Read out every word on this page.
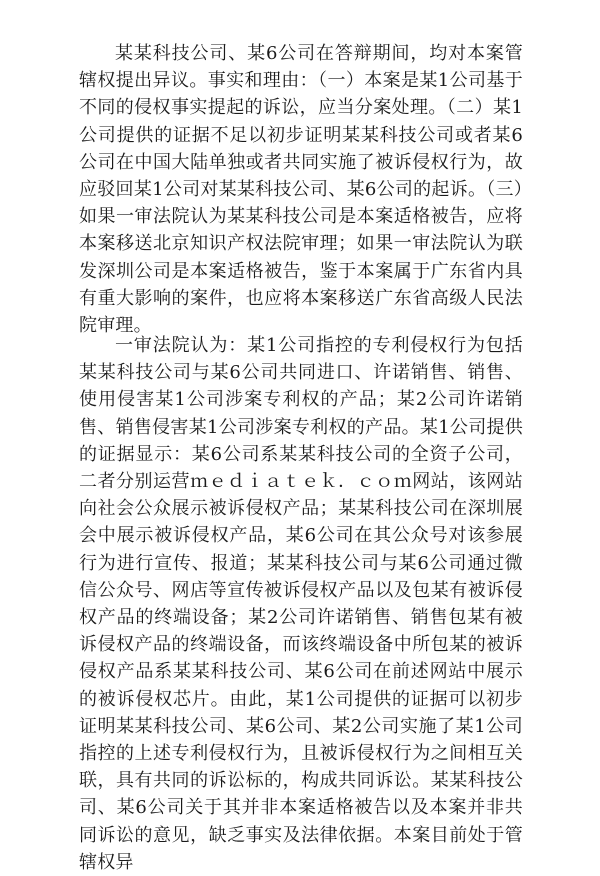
某某科技公司、某6公司在答辩期间，均对本案管辖权提出异议。事实和理由：（一）本案是某1公司基于不同的侵权事实提起的诉讼，应当分案处理。（二）某1公司提供的证据不足以初步证明某某科技公司或者某6公司在中国大陆单独或者共同实施了被诉侵权行为，故应驳回某1公司对某某科技公司、某6公司的起诉。（三）如果一审法院认为某某科技公司是本案适格被告，应将本案移送北京知识产权法院审理；如果一审法院认为联发深圳公司是本案适格被告，鉴于本案属于广东省内具有重大影响的案件，也应将本案移送广东省高级人民法院审理。

一审法院认为：某1公司指控的专利侵权行为包括某某科技公司与某6公司共同进口、许诺销售、销售、使用侵害某1公司涉案专利权的产品；某2公司许诺销售、销售侵害某1公司涉案专利权的产品。某1公司提供的证据显示：某6公司系某某科技公司的全资子公司，二者分别运营ｍｅｄｉａｔｅｋ．ｃｏｍ网站，该网站向社会公众展示被诉侵权产品；某某科技公司在深圳展会中展示被诉侵权产品，某6公司在其公众号对该参展行为进行宣传、报道；某某科技公司与某6公司通过微信公众号、网店等宣传被诉侵权产品以及包某有被诉侵权产品的终端设备；某2公司许诺销售、销售包某有被诉侵权产品的终端设备，而该终端设备中所包某的被诉侵权产品系某某科技公司、某6公司在前述网站中展示的被诉侵权芯片。由此，某1公司提供的证据可以初步证明某某科技公司、某6公司、某2公司实施了某1公司指控的上述专利侵权行为，且被诉侵权行为之间相互关联，具有共同的诉讼标的，构成共同诉讼。某某科技公司、某6公司关于其并非本案适格被告以及本案并非共同诉讼的意见，缺乏事实及法律依据。本案目前处于管辖权异
